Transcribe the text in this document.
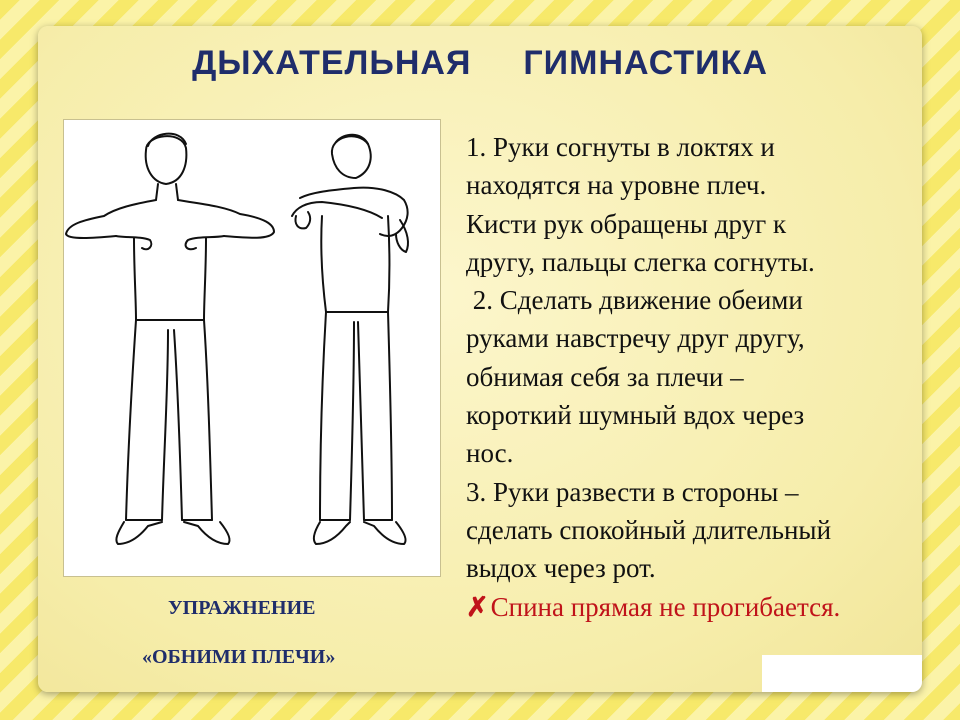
ДЫХАТЕЛЬНАЯ ГИМНАСТИКА
УПРАЖНЕНИЕ
«ОБНИМИ ПЛЕЧИ»

1. Руки согнуты в локтях и

находятся на уровне плеч.

Кисти рук обращены друг к

другу, пальцы слегка согнуты.

2. Сделать движение обеими

руками навстречу друг другу,

обнимая себя за плечи –

короткий шумный вдох через

нос.

3. Руки развести в стороны –

сделать спокойный длительный

выдох через рот.

✗Спина прямая не прогибается.
